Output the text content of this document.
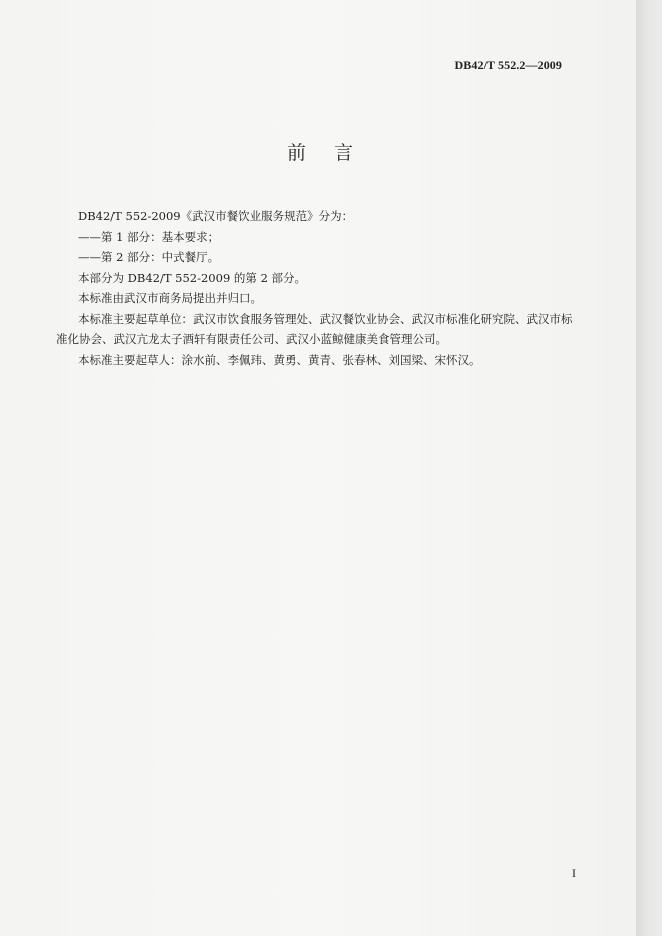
DB42/T 552.2—2009
前言

DB42/T 552-2009《武汉市餐饮业服务规范》分为：

——第 1 部分：基本要求；

——第 2 部分：中式餐厅。

本部分为 DB42/T 552-2009 的第 2 部分。

本标准由武汉市商务局提出并归口。

本标准主要起草单位：武汉市饮食服务管理处、武汉餐饮业协会、武汉市标准化研究院、武汉市标

准化协会、武汉亢龙太子酒轩有限责任公司、武汉小蓝鲸健康美食管理公司。

本标准主要起草人：涂水前、李佩玮、黄勇、黄青、张春林、刘国梁、宋怀汉。

I
